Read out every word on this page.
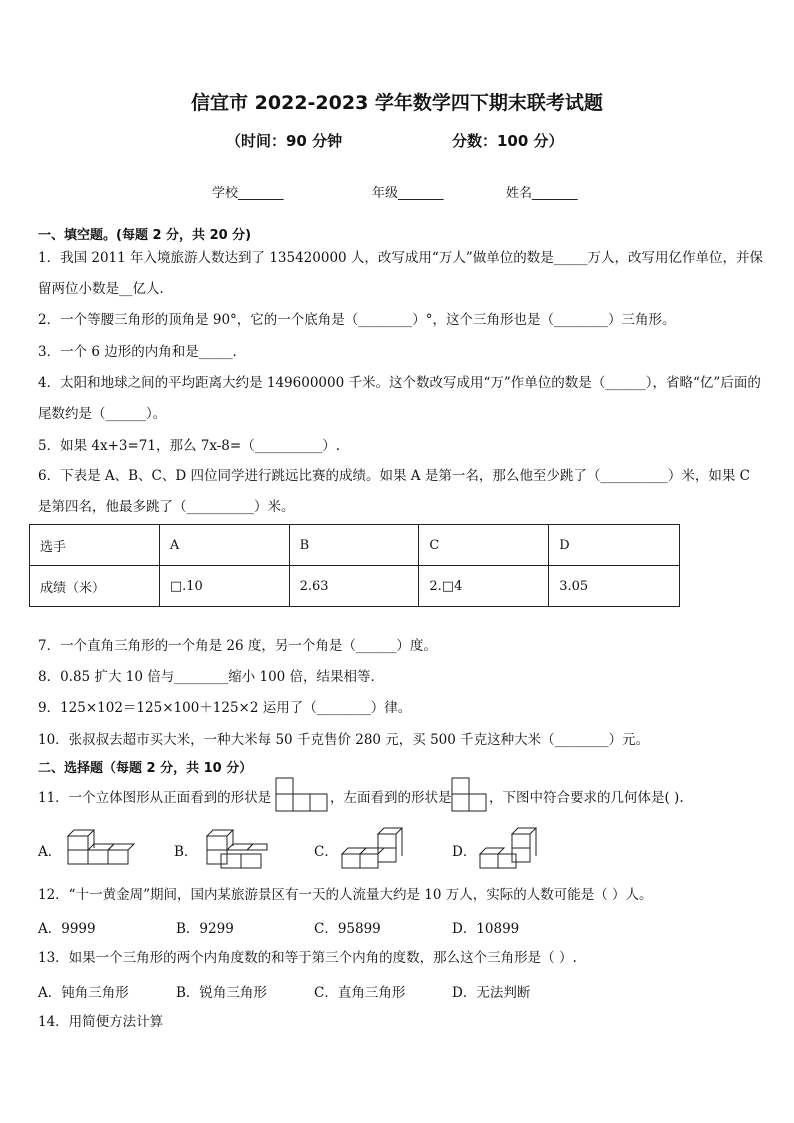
信宜市 2022-2023 学年数学四下期末联考试题
（时间：90 分钟	分数：100 分）
学校_______	年级_______	姓名_______
一、填空题。(每题 2 分，共 20 分)
1．我国 2011 年入境旅游人数达到了 135420000 人，改写成用“万人”做单位的数是_____万人，改写用亿作单位，并保
留两位小数是__亿人．
2．一个等腰三角形的顶角是 90°，它的一个底角是（________）°，这个三角形也是（________）三角形。
3．一个 6 边形的内角和是_____．
4．太阳和地球之间的平均距离大约是 149600000 千米。这个数改写成用“万”作单位的数是（______），省略“亿”后面的
尾数约是（______）。
5．如果 4x+3=71，那么 7x-8=（__________）.
6．下表是 A、B、C、D 四位同学进行跳远比赛的成绩。如果 A 是第一名，那么他至少跳了（__________）米，如果 C
是第四名，他最多跳了（__________）米。
选手	A	B	C	D
成绩（米）	□.10	2.63	2.□4	3.05
7．一个直角三角形的一个角是 26 度，另一个角是（______）度。
8．0.85 扩大 10 倍与________缩小 100 倍，结果相等．
9．125×102＝125×100＋125×2 运用了（________）律。
10．张叔叔去超市买大米，一种大米每 50 千克售价 280 元，买 500 千克这种大米（________）元。
二、选择题（每题 2 分，共 10 分）
11．一个立体图形从正面看到的形状是	，左面看到的形状是	，下图中符合要求的几何体是( ).
A．	B．	C．	D．
12．“十一黄金周”期间，国内某旅游景区有一天的人流量大约是 10 万人，实际的人数可能是（ ）人。
A．9999	B．9299	C．95899	D．10899
13．如果一个三角形的两个内角度数的和等于第三个内角的度数，那么这个三角形是（ ）.
A．钝角三角形	B．锐角三角形	C．直角三角形	D．无法判断
14．用简便方法计算
